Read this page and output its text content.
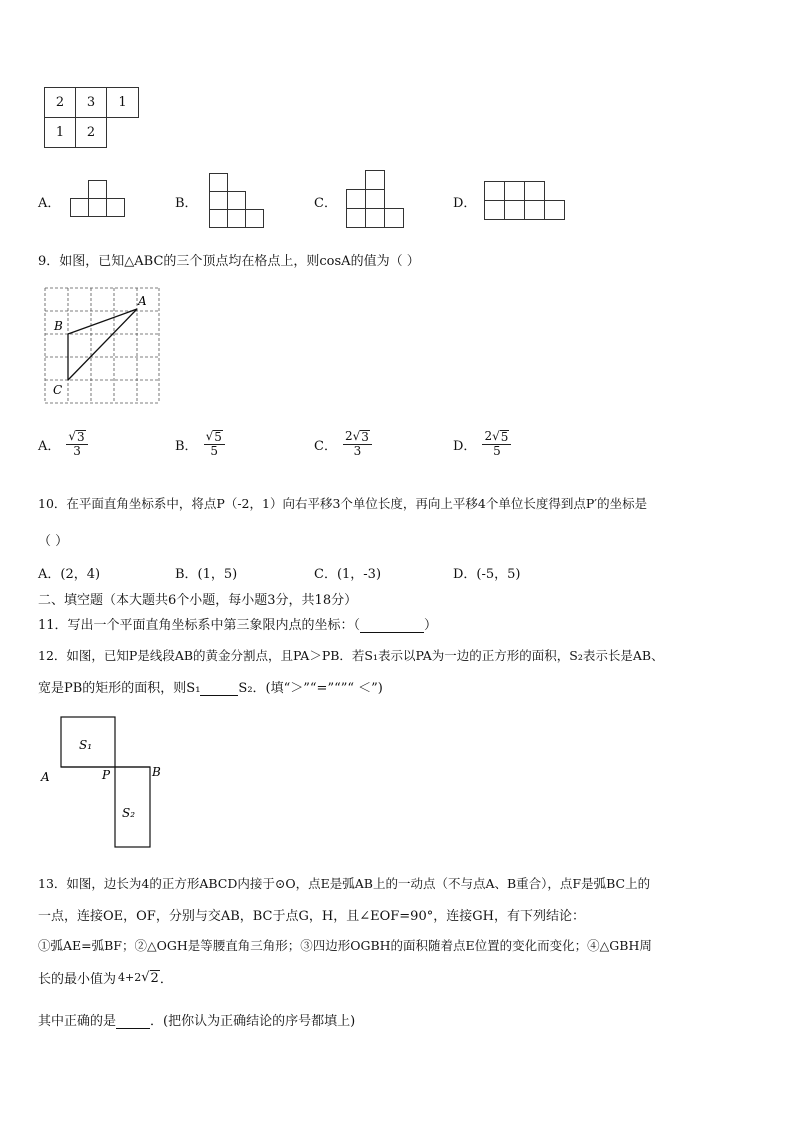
2 3 1
1 2
A．	B．	C．	D．
9．如图，已知△ABC的三个顶点均在格点上，则cosA的值为（ ）
A
B
C
A． $\frac{√ 3}{3}$	B． $\frac{√ 5}{5}$	C． $\frac{2√ 3}{3}$	D． $\frac{2√ 5}{5}$
10．在平面直角坐标系中，将点P（-2，1）向右平移3个单位长度，再向上平移4个单位长度得到点P′的坐标是
（ ）
A．(2，4)	B．(1，5)	C．(1，-3)	D．(-5，5)
二、填空题（本大题共6个小题，每小题3分，共18分）
11．写出一个平面直角坐标系中第三象限内点的坐标：（	）
12．如图，已知P是线段AB的黄金分割点，且PA＞PB．若S₁表示以PA为一边的正方形的面积，S₂表示长是AB、
宽是PB的矩形的面积，则S₁	S₂．(填“＞”“=”“”“ ＜”)
S₁
S₂
A	P	B
13．如图，边长为4的正方形ABCD内接于⊙O，点E是弧AB上的一动点（不与点A、B重合），点F是弧BC上的
一点，连接OE，OF，分别与交AB，BC于点G，H，且∠EOF=90°，连接GH，有下列结论：
①弧AE=弧BF；②△OGH是等腰直角三角形；③四边形OGBH的面积随着点E位置的变化而变化；④△GBH周
长的最小值为 4+2 √ 2 ．
其中正确的是	．(把你认为正确结论的序号都填上)
